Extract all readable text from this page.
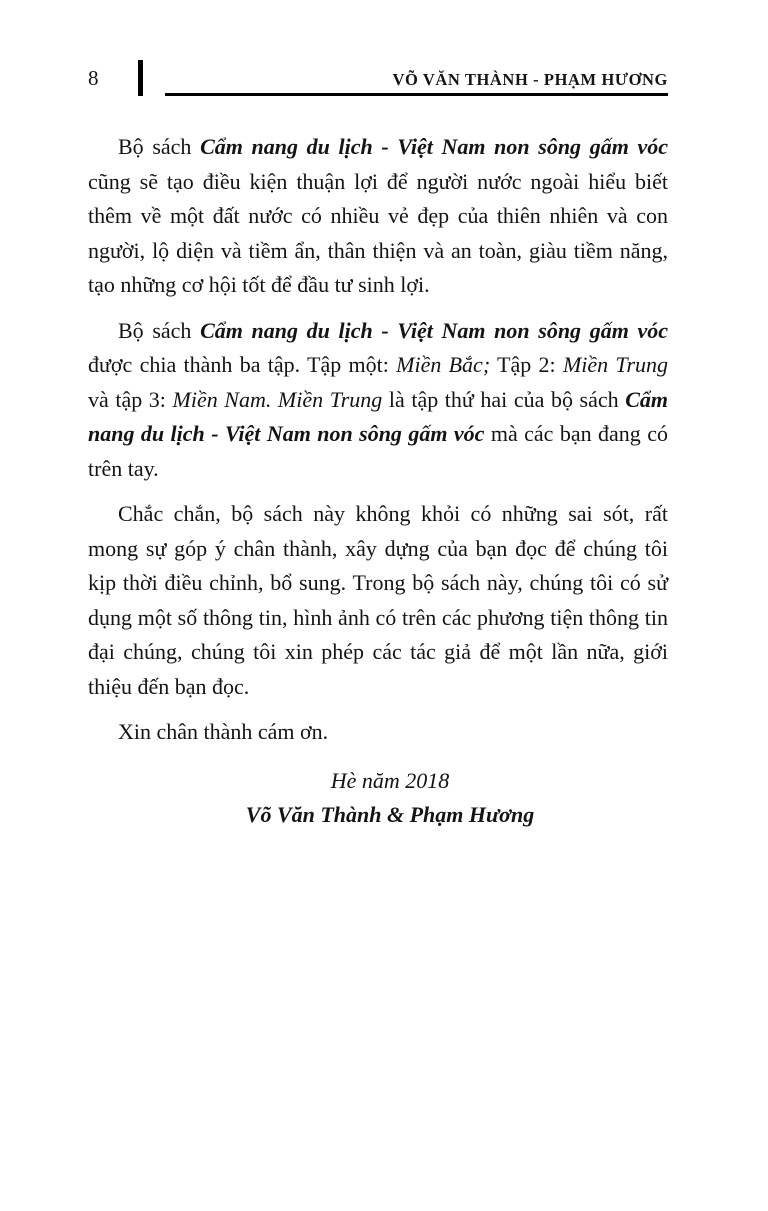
8	VÕ VĂN THÀNH - PHẠM HƯƠNG

Bộ sách Cẩm nang du lịch - Việt Nam non sông gấm vóc cũng sẽ tạo điều kiện thuận lợi để người nước ngoài hiểu biết thêm về một đất nước có nhiều vẻ đẹp của thiên nhiên và con người, lộ diện và tiềm ẩn, thân thiện và an toàn, giàu tiềm năng, tạo những cơ hội tốt để đầu tư sinh lợi.

Bộ sách Cẩm nang du lịch - Việt Nam non sông gấm vóc được chia thành ba tập. Tập một: Miền Bắc; Tập 2: Miền Trung và tập 3: Miền Nam. Miền Trung là tập thứ hai của bộ sách Cẩm nang du lịch - Việt Nam non sông gấm vóc mà các bạn đang có trên tay.

Chắc chắn, bộ sách này không khỏi có những sai sót, rất mong sự góp ý chân thành, xây dựng của bạn đọc để chúng tôi kịp thời điều chỉnh, bổ sung. Trong bộ sách này, chúng tôi có sử dụng một số thông tin, hình ảnh có trên các phương tiện thông tin đại chúng, chúng tôi xin phép các tác giả để một lần nữa, giới thiệu đến bạn đọc.

Xin chân thành cám ơn.

Hè năm 2018
Võ Văn Thành & Phạm Hương
